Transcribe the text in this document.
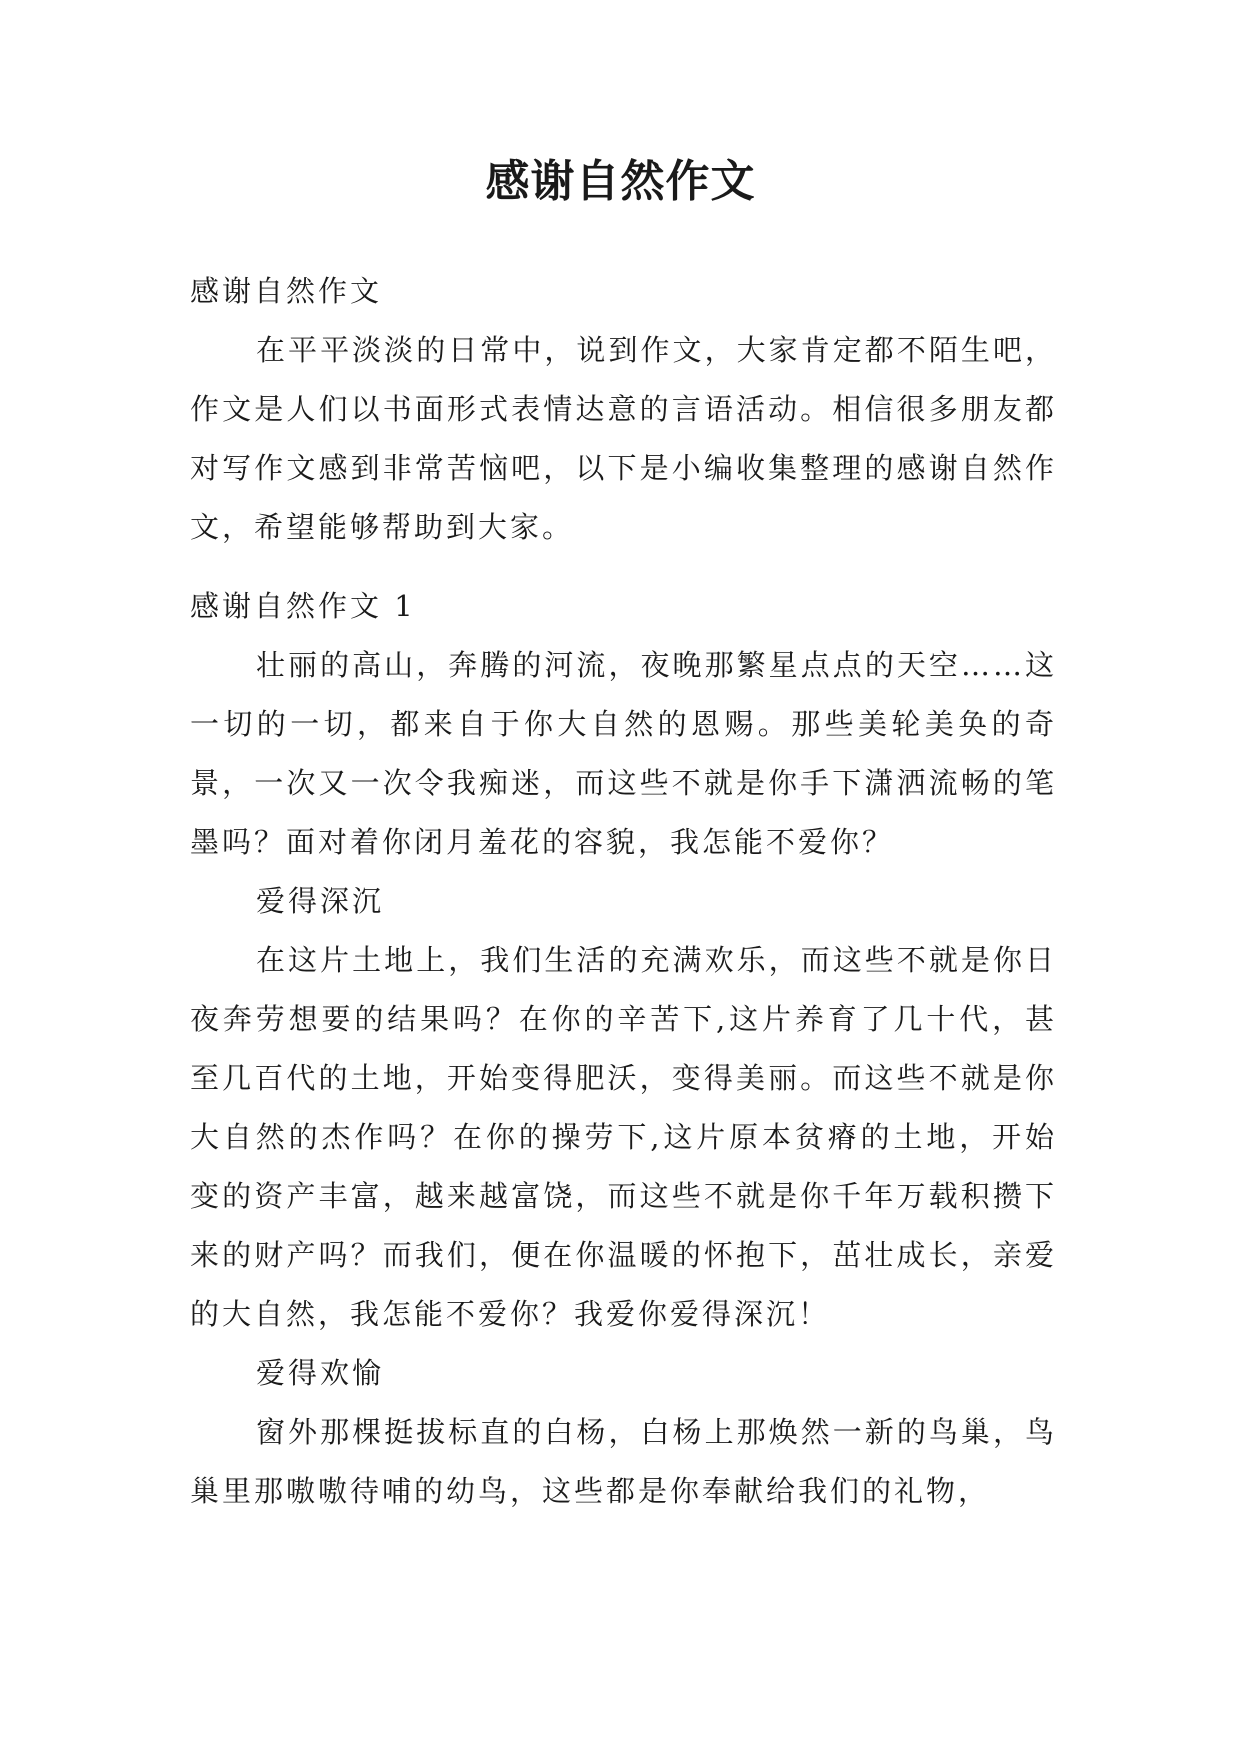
感谢自然作文

感谢自然作文

在平平淡淡的日常中，说到作文，大家肯定都不陌生吧，作文是人们以书面形式表情达意的言语活动。相信很多朋友都对写作文感到非常苦恼吧，以下是小编收集整理的感谢自然作文，希望能够帮助到大家。

感谢自然作文 1

壮丽的高山，奔腾的河流，夜晚那繁星点点的天空……这一切的一切，都来自于你大自然的恩赐。那些美轮美奂的奇景，一次又一次令我痴迷，而这些不就是你手下潇洒流畅的笔墨吗？面对着你闭月羞花的容貌，我怎能不爱你？

爱得深沉

在这片土地上，我们生活的充满欢乐，而这些不就是你日夜奔劳想要的结果吗？在你的辛苦下,这片养育了几十代，甚至几百代的土地，开始变得肥沃，变得美丽。而这些不就是你大自然的杰作吗？在你的操劳下,这片原本贫瘠的土地，开始变的资产丰富，越来越富饶，而这些不就是你千年万载积攒下来的财产吗？而我们，便在你温暖的怀抱下，茁壮成长，亲爱的大自然，我怎能不爱你？我爱你爱得深沉！

爱得欢愉

窗外那棵挺拔标直的白杨，白杨上那焕然一新的鸟巢，鸟巢里那嗷嗷待哺的幼鸟，这些都是你奉献给我们的礼物，
